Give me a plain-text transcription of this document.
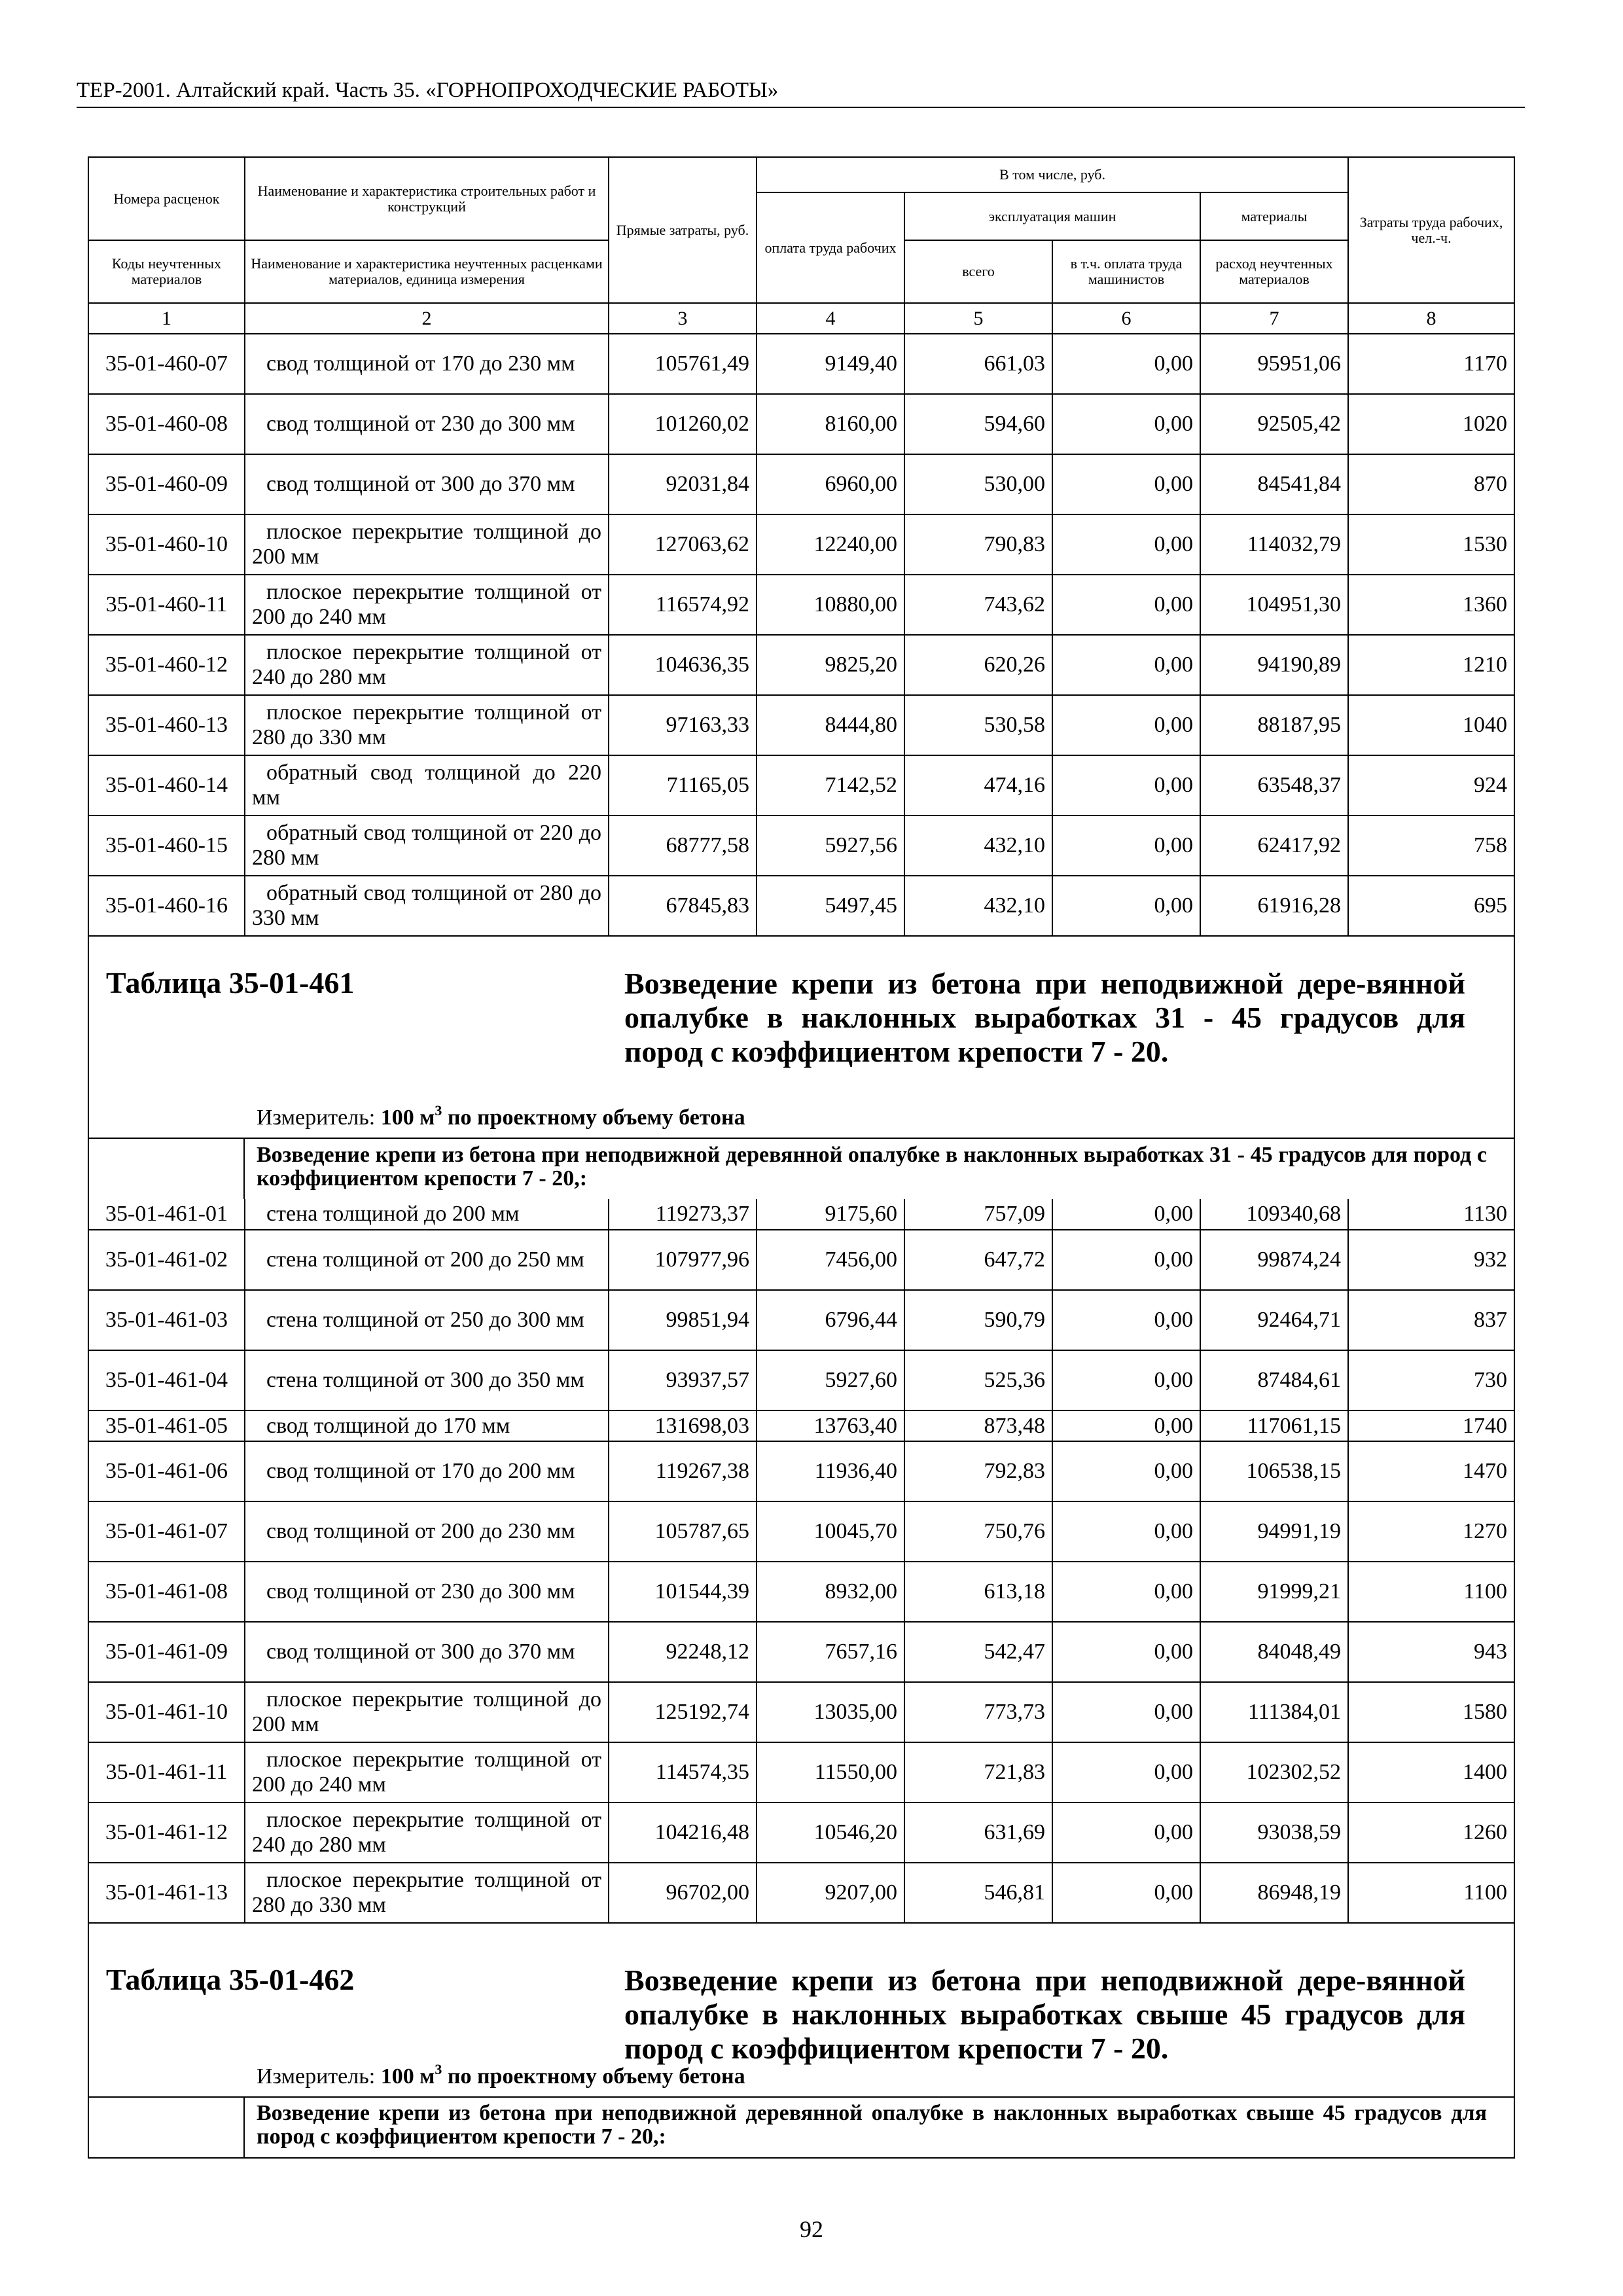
ТЕР-2001. Алтайский край. Часть 35. «ГОРНОПРОХОДЧЕСКИЕ РАБОТЫ»
Номера расценок	Наименование и характеристика строительных работ и конструкций	Прямые затраты, руб.	В том числе, руб.				Затраты труда рабочих, чел.-ч.
			оплата труда рабочих	эксплуатация машин		материалы	
Коды неучтенных материалов	Наименование и характеристика неучтенных расценками материалов, единица измерения			всего	в т.ч. оплата труда машинистов	расход неучтенных материалов	
1	2	3	4	5	6	7	8
35-01-460-07	свод толщиной от 170 до 230 мм	105761,49	9149,40	661,03	0,00	95951,06	1170
35-01-460-08	свод толщиной от 230 до 300 мм	101260,02	8160,00	594,60	0,00	92505,42	1020
35-01-460-09	свод толщиной от 300 до 370 мм	92031,84	6960,00	530,00	0,00	84541,84	870
35-01-460-10	плоское перекрытие толщиной до 200 мм	127063,62	12240,00	790,83	0,00	114032,79	1530
35-01-460-11	плоское перекрытие толщиной от 200 до 240 мм	116574,92	10880,00	743,62	0,00	104951,30	1360
35-01-460-12	плоское перекрытие толщиной от 240 до 280 мм	104636,35	9825,20	620,26	0,00	94190,89	1210
35-01-460-13	плоское перекрытие толщиной от 280 до 330 мм	97163,33	8444,80	530,58	0,00	88187,95	1040
35-01-460-14	обратный свод толщиной до 220 мм	71165,05	7142,52	474,16	0,00	63548,37	924
35-01-460-15	обратный свод толщиной от 220 до 280 мм	68777,58	5927,56	432,10	0,00	62417,92	758
35-01-460-16	обратный свод толщиной от 280 до 330 мм	67845,83	5497,45	432,10	0,00	61916,28	695
Таблица 35-01-461	Возведение крепи из бетона при неподвижной дере-вянной опалубке в наклонных выработках 31 - 45 градусов для пород с коэффициентом крепости 7 - 20.
Измеритель: 100 $м^3$ по проектному объему бетона
Возведение крепи из бетона при неподвижной деревянной опалубке в наклонных выработках 31 - 45 градусов для пород с коэффициентом крепости 7 - 20,:
35-01-461-01	стена толщиной до 200 мм	119273,37	9175,60	757,09	0,00	109340,68	1130
35-01-461-02	стена толщиной от 200 до 250 мм	107977,96	7456,00	647,72	0,00	99874,24	932
35-01-461-03	стена толщиной от 250 до 300 мм	99851,94	6796,44	590,79	0,00	92464,71	837
35-01-461-04	стена толщиной от 300 до 350 мм	93937,57	5927,60	525,36	0,00	87484,61	730
35-01-461-05	свод толщиной до 170 мм	131698,03	13763,40	873,48	0,00	117061,15	1740
35-01-461-06	свод толщиной от 170 до 200 мм	119267,38	11936,40	792,83	0,00	106538,15	1470
35-01-461-07	свод толщиной от 200 до 230 мм	105787,65	10045,70	750,76	0,00	94991,19	1270
35-01-461-08	свод толщиной от 230 до 300 мм	101544,39	8932,00	613,18	0,00	91999,21	1100
35-01-461-09	свод толщиной от 300 до 370 мм	92248,12	7657,16	542,47	0,00	84048,49	943
35-01-461-10	плоское перекрытие толщиной до 200 мм	125192,74	13035,00	773,73	0,00	111384,01	1580
35-01-461-11	плоское перекрытие толщиной от 200 до 240 мм	114574,35	11550,00	721,83	0,00	102302,52	1400
35-01-461-12	плоское перекрытие толщиной от 240 до 280 мм	104216,48	10546,20	631,69	0,00	93038,59	1260
35-01-461-13	плоское перекрытие толщиной от 280 до 330 мм	96702,00	9207,00	546,81	0,00	86948,19	1100
Таблица 35-01-462	Возведение крепи из бетона при неподвижной дере-вянной опалубке в наклонных выработках свыше 45 градусов для пород с коэффициентом крепости 7 - 20.
Измеритель: 100 $м^3$ по проектному объему бетона
Возведение крепи из бетона при неподвижной деревянной опалубке в наклонных выработках свыше 45 градусов для пород с коэффициентом крепости 7 - 20,:
92
